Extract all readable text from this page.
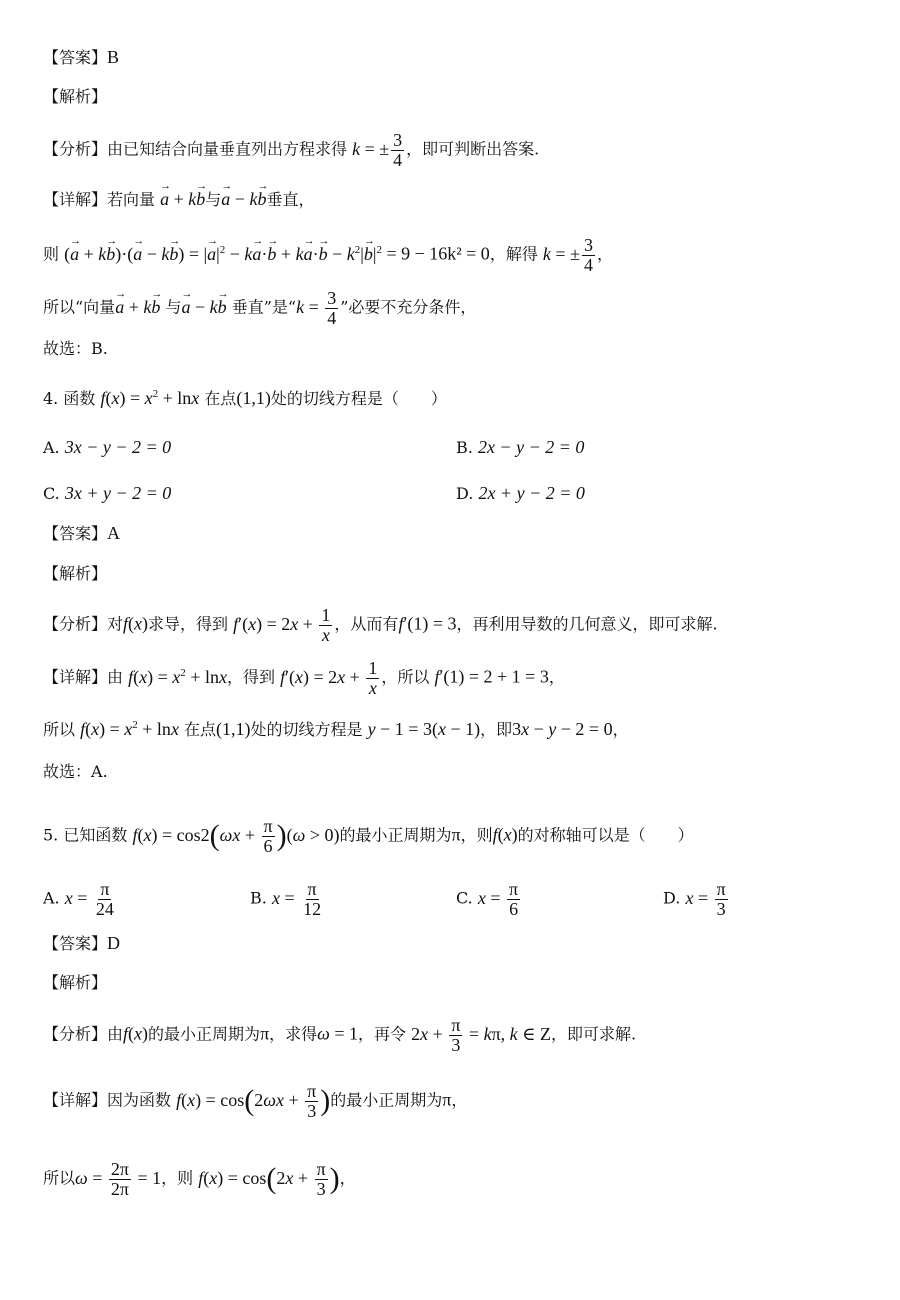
【答案】B
【解析】
【分析】由已知结合向量垂直列出方程求得 k = ± $\frac{3}{4}$ ，即可判断出答案.
【详解】若向量 → a + k→ b与→ a − k→ b垂直，
则 (→ a + k→ b)·(→ a − k→ b) = |→ $a|^2 - k\to a\cdot\to b + k\to a\cdot\to b - k^2|\to b|^2 = 9 - 16k^2 = 0$，解得 k = ± $\frac{3}{4}$ ，
所以“向量→ a + k→ b 与→ a − k→ b 垂直”是“$k = \frac{3}{4}$ ”必要不充分条件，
故选：B.
4. 函数 $f(x) = x^2 + \ln x$ 在点(1,1)处的切线方程是（　　）
A. 3x − y − 2 = 0	B. 2x − y − 2 = 0
C. 3x + y − 2 = 0	D. 2x + y − 2 = 0
【答案】A
【解析】
【分析】对f(x)求导，得到 $f'(x) = 2x + \frac{1}{x}$ ，从而有f′(1) = 3，再利用导数的几何意义，即可求解.
【详解】由 $f(x) = x^2 + \ln x$，得到 $f'(x) = 2x + \frac{1}{x}$ ，所以 f′(1) = 2 + 1 = 3，
所以 $f(x) = x^2 + \ln x$ 在点(1,1)处的切线方程是 y − 1 = 3(x − 1)，即3x − y − 2 = 0，
故选：A.
5. 已知函数 $f(x) = \cos 2(\omega x + \frac{\pi}{6} )(\omega > 0)$的最小正周期为π，则f(x)的对称轴可以是（　　）
A. $x = \frac{\pi}{24}$	B. $x = \frac{\pi}{12}$	C. $x = \frac{\pi}{6}$	D. $x = \frac{\pi}{3}$
【答案】D
【解析】
【分析】由f(x)的最小正周期为π，求得ω = 1，再令 $2x + \frac{\pi}{3} = k\pi$, k ∈ Z，即可求解.
【详解】因为函数 $f(x) = \cos(2\omega x + \frac{\pi}{3}$ )的最小正周期为π，
所以$\omega = \frac{2\pi}{2\pi} = 1$，则 $f(x) = \cos(2x + \frac{\pi}{3}$ )，
